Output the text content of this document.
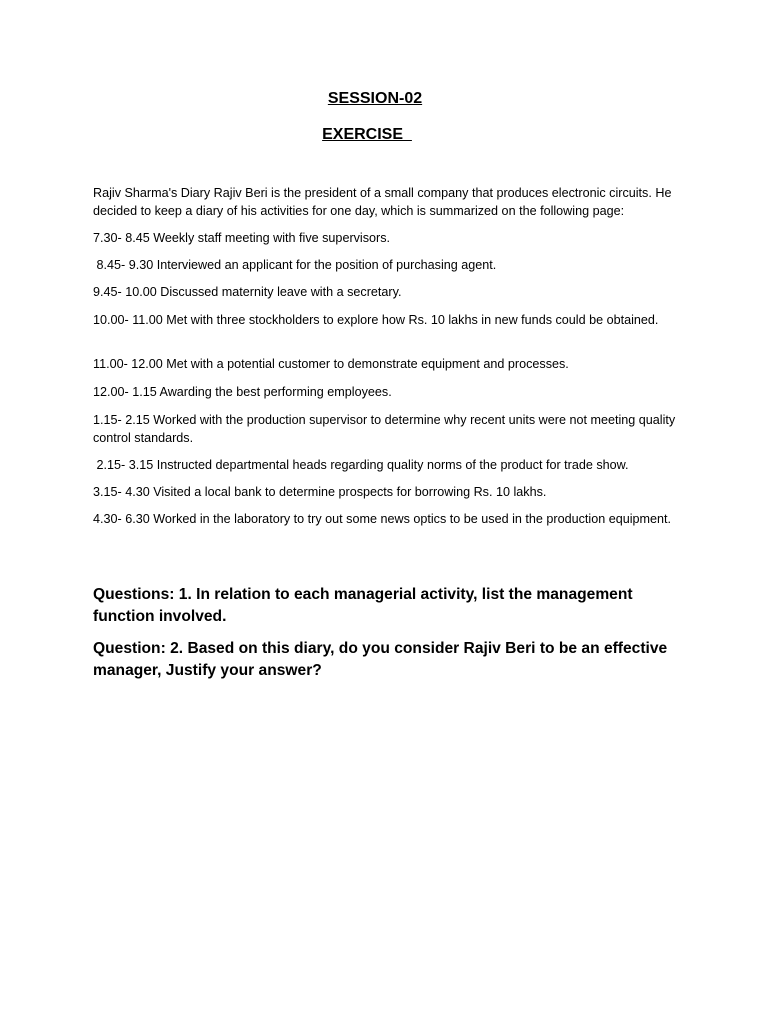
SESSION-02
EXERCISE

Rajiv Sharma's Diary Rajiv Beri is the president of a small company that produces electronic circuits. He decided to keep a diary of his activities for one day, which is summarized on the following page:

7.30- 8.45 Weekly staff meeting with five supervisors.

8.45- 9.30 Interviewed an applicant for the position of purchasing agent.

9.45- 10.00 Discussed maternity leave with a secretary.

10.00- 11.00 Met with three stockholders to explore how Rs. 10 lakhs in new funds could be obtained.

11.00- 12.00 Met with a potential customer to demonstrate equipment and processes.

12.00- 1.15 Awarding the best performing employees.

1.15- 2.15 Worked with the production supervisor to determine why recent units were not meeting quality control standards.

2.15- 3.15 Instructed departmental heads regarding quality norms of the product for trade show.

3.15- 4.30 Visited a local bank to determine prospects for borrowing Rs. 10 lakhs.

4.30- 6.30 Worked in the laboratory to try out some news optics to be used in the production equipment.

Questions: 1. In relation to each managerial activity, list the management function involved.

Question: 2. Based on this diary, do you consider Rajiv Beri to be an effective manager, Justify your answer?
